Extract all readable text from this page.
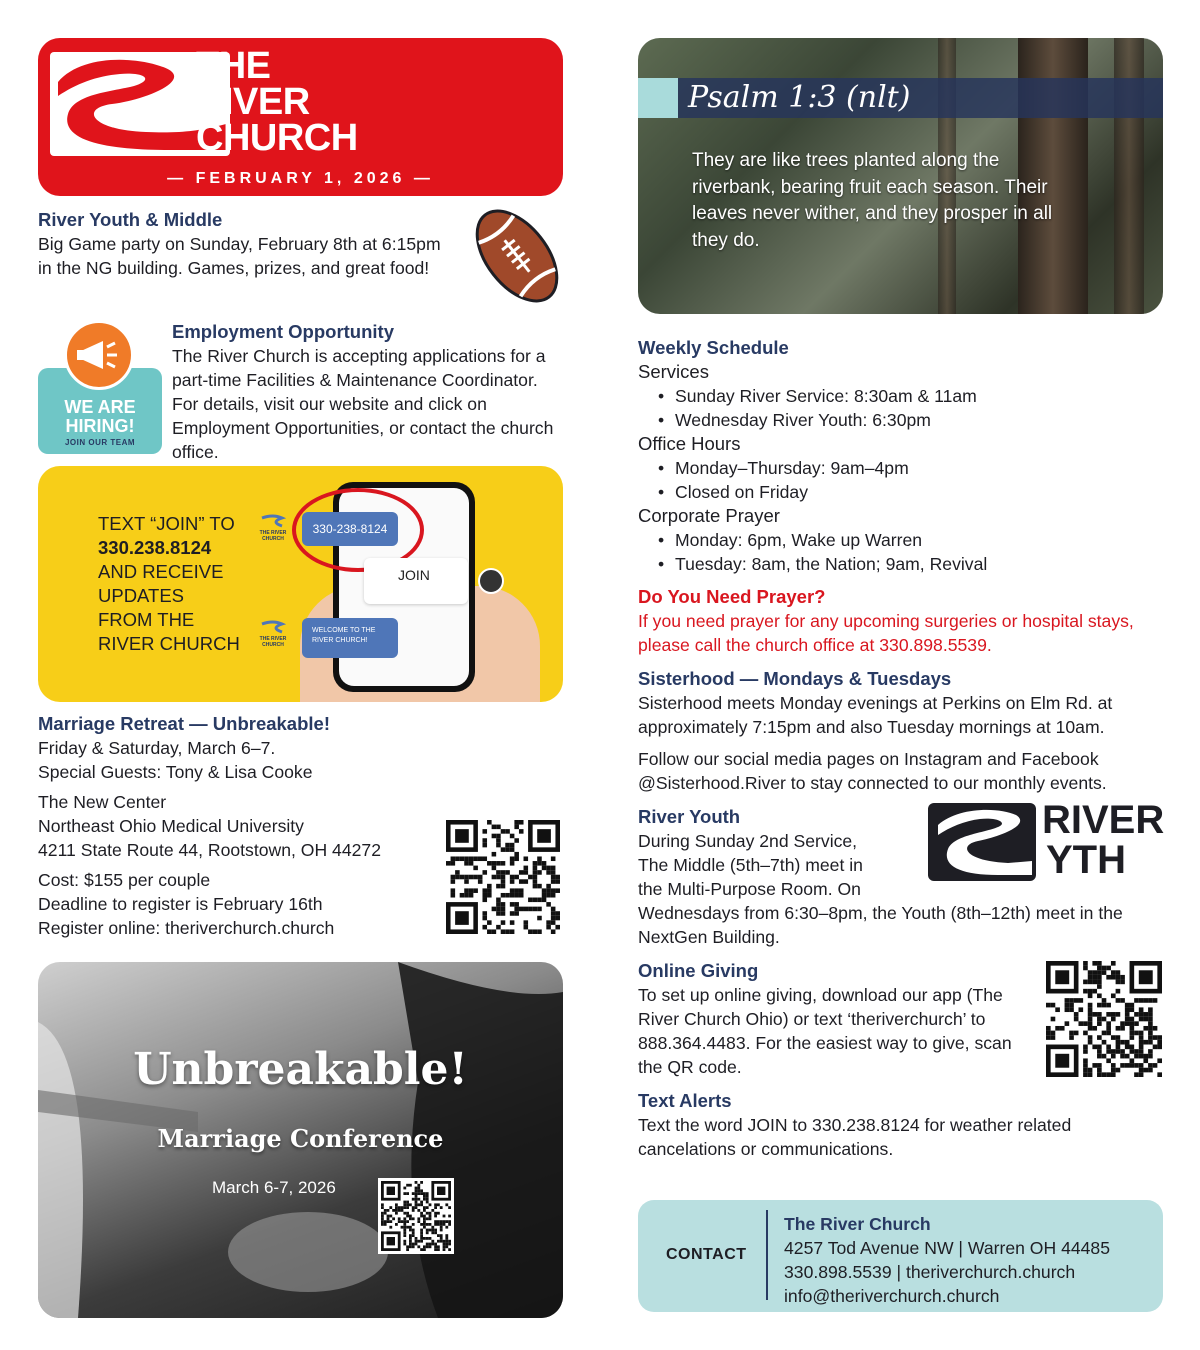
THE
RIVER
CHURCH
— FEBRUARY 1, 2026 —
River Youth & Middle
Big Game party on Sunday, February 8th at 6:15pm in the NG building. Games, prizes, and great food!
WE ARE
HIRING!
JOIN OUR TEAM
Employment Opportunity
The River Church is accepting applications for a part-time Facilities & Maintenance Coordinator. For details, visit our website and click on Employment Opportunities, or contact the church office.
TEXT “JOIN” TO
330.238.8124
AND RECEIVE
UPDATES
FROM THE
RIVER CHURCH
THE RIVER CHURCH
330-238-8124
JOIN
THE RIVER CHURCH
WELCOME TO THE RIVER CHURCH!
Marriage Retreat — Unbreakable!
Friday & Saturday, March 6–7.
Special Guests: Tony & Lisa Cooke
The New Center
Northeast Ohio Medical University
4211 State Route 44, Rootstown, OH 44272
Cost: $155 per couple
Deadline to register is February 16th
Register online: theriverchurch.church
Unbreakable!
Marriage Conference
March 6-7, 2026
Psalm 1:3 (nlt)
They are like trees planted along the riverbank, bearing fruit each season. Their leaves never wither, and they prosper in all they do.
Weekly Schedule
Services
• Sunday River Service: 8:30am & 11am
• Wednesday River Youth: 6:30pm
Office Hours
• Monday–Thursday: 9am–4pm
• Closed on Friday
Corporate Prayer
• Monday: 6pm, Wake up Warren
• Tuesday: 8am, the Nation; 9am, Revival
Do You Need Prayer?
If you need prayer for any upcoming surgeries or hospital stays, please call the church office at 330.898.5539.
Sisterhood — Mondays & Tuesdays
Sisterhood meets Monday evenings at Perkins on Elm Rd. at approximately 7:15pm and also Tuesday mornings at 10am.
Follow our social media pages on Instagram and Facebook @Sisterhood.River to stay connected to our monthly events.
River Youth
During Sunday 2nd Service,
The Middle (5th–7th) meet in
the Multi-Purpose Room. On
Wednesdays from 6:30–8pm, the Youth (8th–12th) meet in the NextGen Building.
RIVER
YTH
Online Giving
To set up online giving, download our app (The River Church Ohio) or text ‘theriverchurch’ to 888.364.4483. For the easiest way to give, scan the QR code.
Text Alerts
Text the word JOIN to 330.238.8124 for weather related cancelations or communications.
CONTACT
The River Church
4257 Tod Avenue NW | Warren OH 44485
330.898.5539 | theriverchurch.church
info@theriverchurch.church
